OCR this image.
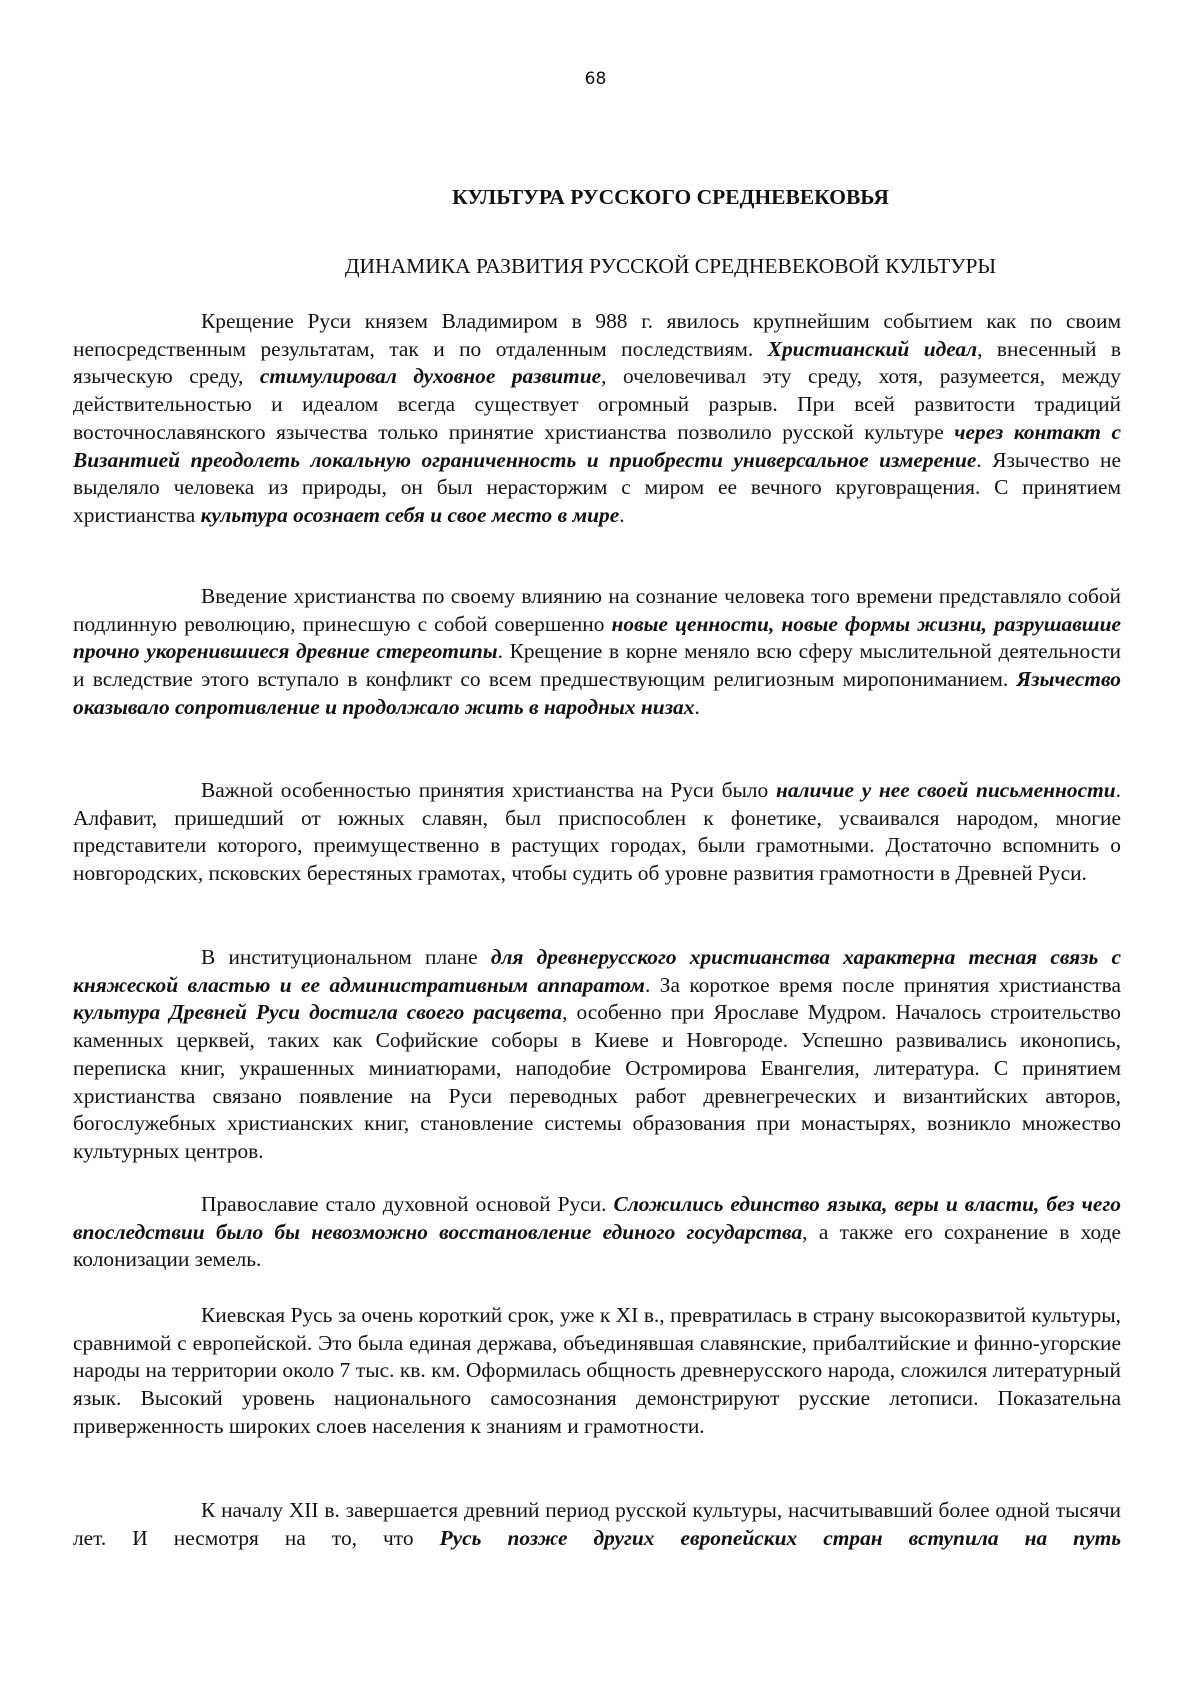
68

КУЛЬТУРА РУССКОГО СРЕДНЕВЕКОВЬЯ
ДИНАМИКА РАЗВИТИЯ РУССКОЙ СРЕДНЕВЕКОВОЙ КУЛЬТУРЫ

Крещение Руси князем Владимиром в 988 г. явилось крупнейшим событием как по своим непосредственным результатам, так и по отдаленным последствиям. Христианский идеал, внесенный в языческую среду, стимулировал духовное развитие, очеловечивал эту среду, хотя, разумеется, между действительностью и идеалом всегда существует огромный разрыв. При всей развитости традиций восточнославянского язычества только принятие христианства позволило русской культуре через контакт с Византией преодолеть локальную ограниченность и приобрести универсальное измерение. Язычество не выделяло человека из природы, он был нерасторжим с миром ее вечного круговращения. С принятием христианства культура осознает себя и свое место в мире.

Введение христианства по своему влиянию на сознание человека того времени представляло собой подлинную революцию, принесшую с собой совершенно новые ценности, новые формы жизни, разрушавшие прочно укоренившиеся древние стереотипы. Крещение в корне меняло всю сферу мыслительной деятельности и вследствие этого вступало в конфликт со всем предшествующим религиозным миропониманием. Язычество оказывало сопротивление и продолжало жить в народных низах.

Важной особенностью принятия христианства на Руси было наличие у нее своей письменности. Алфавит, пришедший от южных славян, был приспособлен к фонетике, усваивался народом, многие представители которого, преимущественно в растущих городах, были грамотными. Достаточно вспомнить о новгородских, псковских берестяных грамотах, чтобы судить об уровне развития грамотности в Древней Руси.

В институциональном плане для древнерусского христианства характерна тесная связь с княжеской властью и ее административным аппаратом. За короткое время после принятия христианства культура Древней Руси достигла своего расцвета, особенно при Ярославе Мудром. Началось строительство каменных церквей, таких как Софийские соборы в Киеве и Новгороде. Успешно развивались иконопись, переписка книг, украшенных миниатюрами, наподобие Остромирова Евангелия, литература. С принятием христианства связано появление на Руси переводных работ древнегреческих и византийских авторов, богослужебных христианских книг, становление системы образования при монастырях, возникло множество культурных центров.

Православие стало духовной основой Руси. Сложились единство языка, веры и власти, без чего впоследствии было бы невозможно восстановление единого государства, а также его сохранение в ходе колонизации земель.

Киевская Русь за очень короткий срок, уже к XI в., превратилась в страну высокоразвитой культуры, сравнимой с европейской. Это была единая держава, объединявшая славянские, прибалтийские и финно-угорские народы на территории около 7 тыс. кв. км. Оформилась общность древнерусского народа, сложился литературный язык. Высокий уровень национального самосознания демонстрируют русские летописи. Показательна приверженность широких слоев населения к знаниям и грамотности.

К началу XII в. завершается древний период русской культуры, насчитывавший более одной тысячи лет. И несмотря на то, что Русь позже других европейских стран вступила на путь
